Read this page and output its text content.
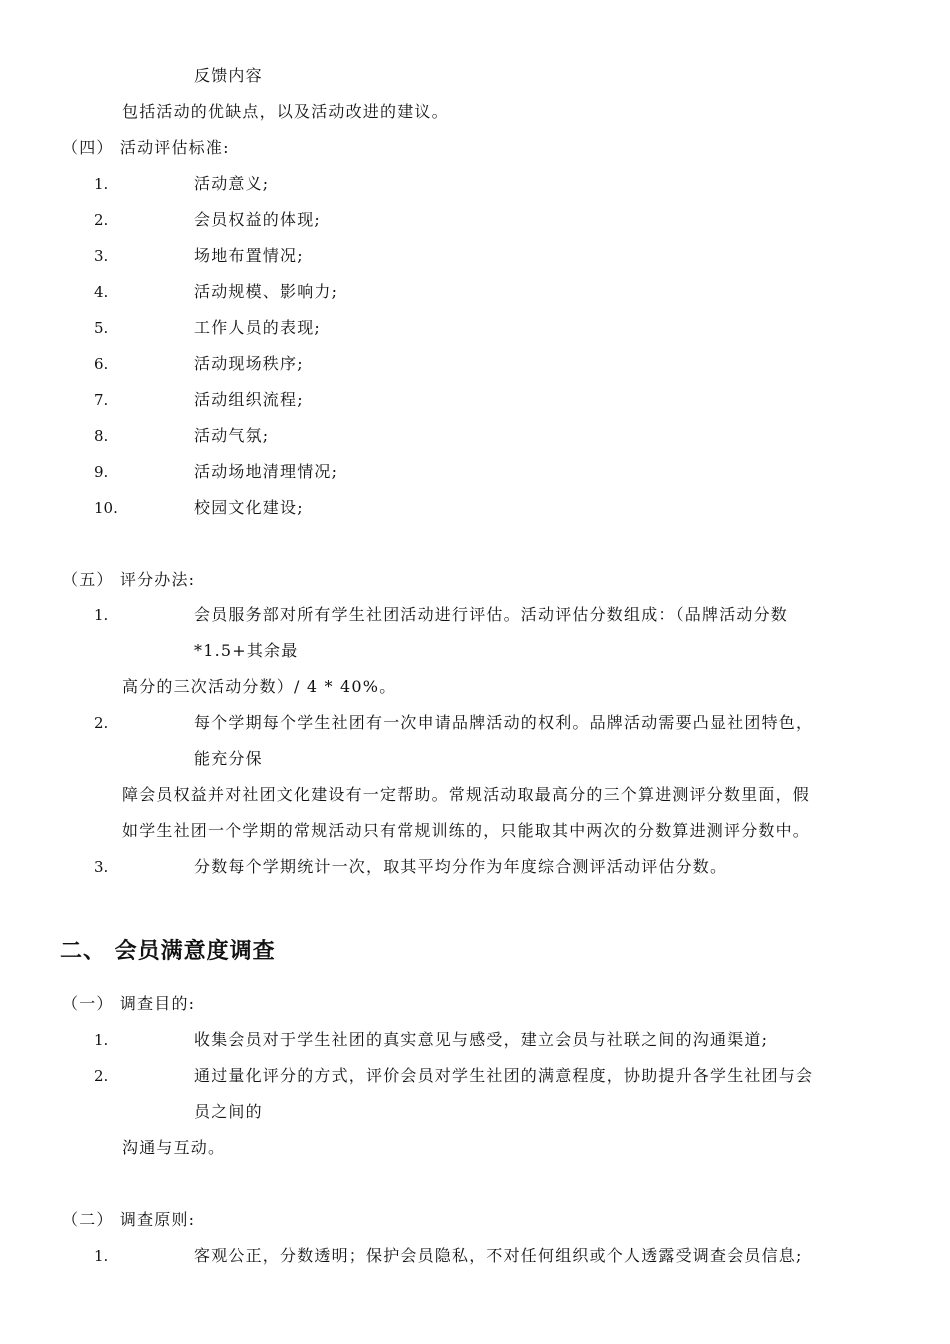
反馈内容
包括活动的优缺点，以及活动改进的建议。
（四） 活动评估标准:
1.	活动意义;
2.	会员权益的体现;
3.	场地布置情况;
4.	活动规模、影响力;
5.	工作人员的表现;
6.	活动现场秩序;
7.	活动组织流程;
8.	活动气氛;
9.	活动场地清理情况;
10.	校园文化建设;
（五） 评分办法:
1.	会员服务部对所有学生社团活动进行评估。活动评估分数组成：（品牌活动分数
*1.5+其余最
高分的三次活动分数）/ 4 * 40%。
2.	每个学期每个学生社团有一次申请品牌活动的权利。品牌活动需要凸显社团特色，
能充分保
障会员权益并对社团文化建设有一定帮助。常规活动取最高分的三个算进测评分数里面，假
如学生社团一个学期的常规活动只有常规训练的，只能取其中两次的分数算进测评分数中。
3.	分数每个学期统计一次，取其平均分作为年度综合测评活动评估分数。
二、 会员满意度调查
（一） 调查目的:
1.	收集会员对于学生社团的真实意见与感受，建立会员与社联之间的沟通渠道;
2.	通过量化评分的方式，评价会员对学生社团的满意程度，协助提升各学生社团与会
员之间的
沟通与互动。
（二） 调查原则:
1.	客观公正，分数透明；保护会员隐私，不对任何组织或个人透露受调查会员信息;
